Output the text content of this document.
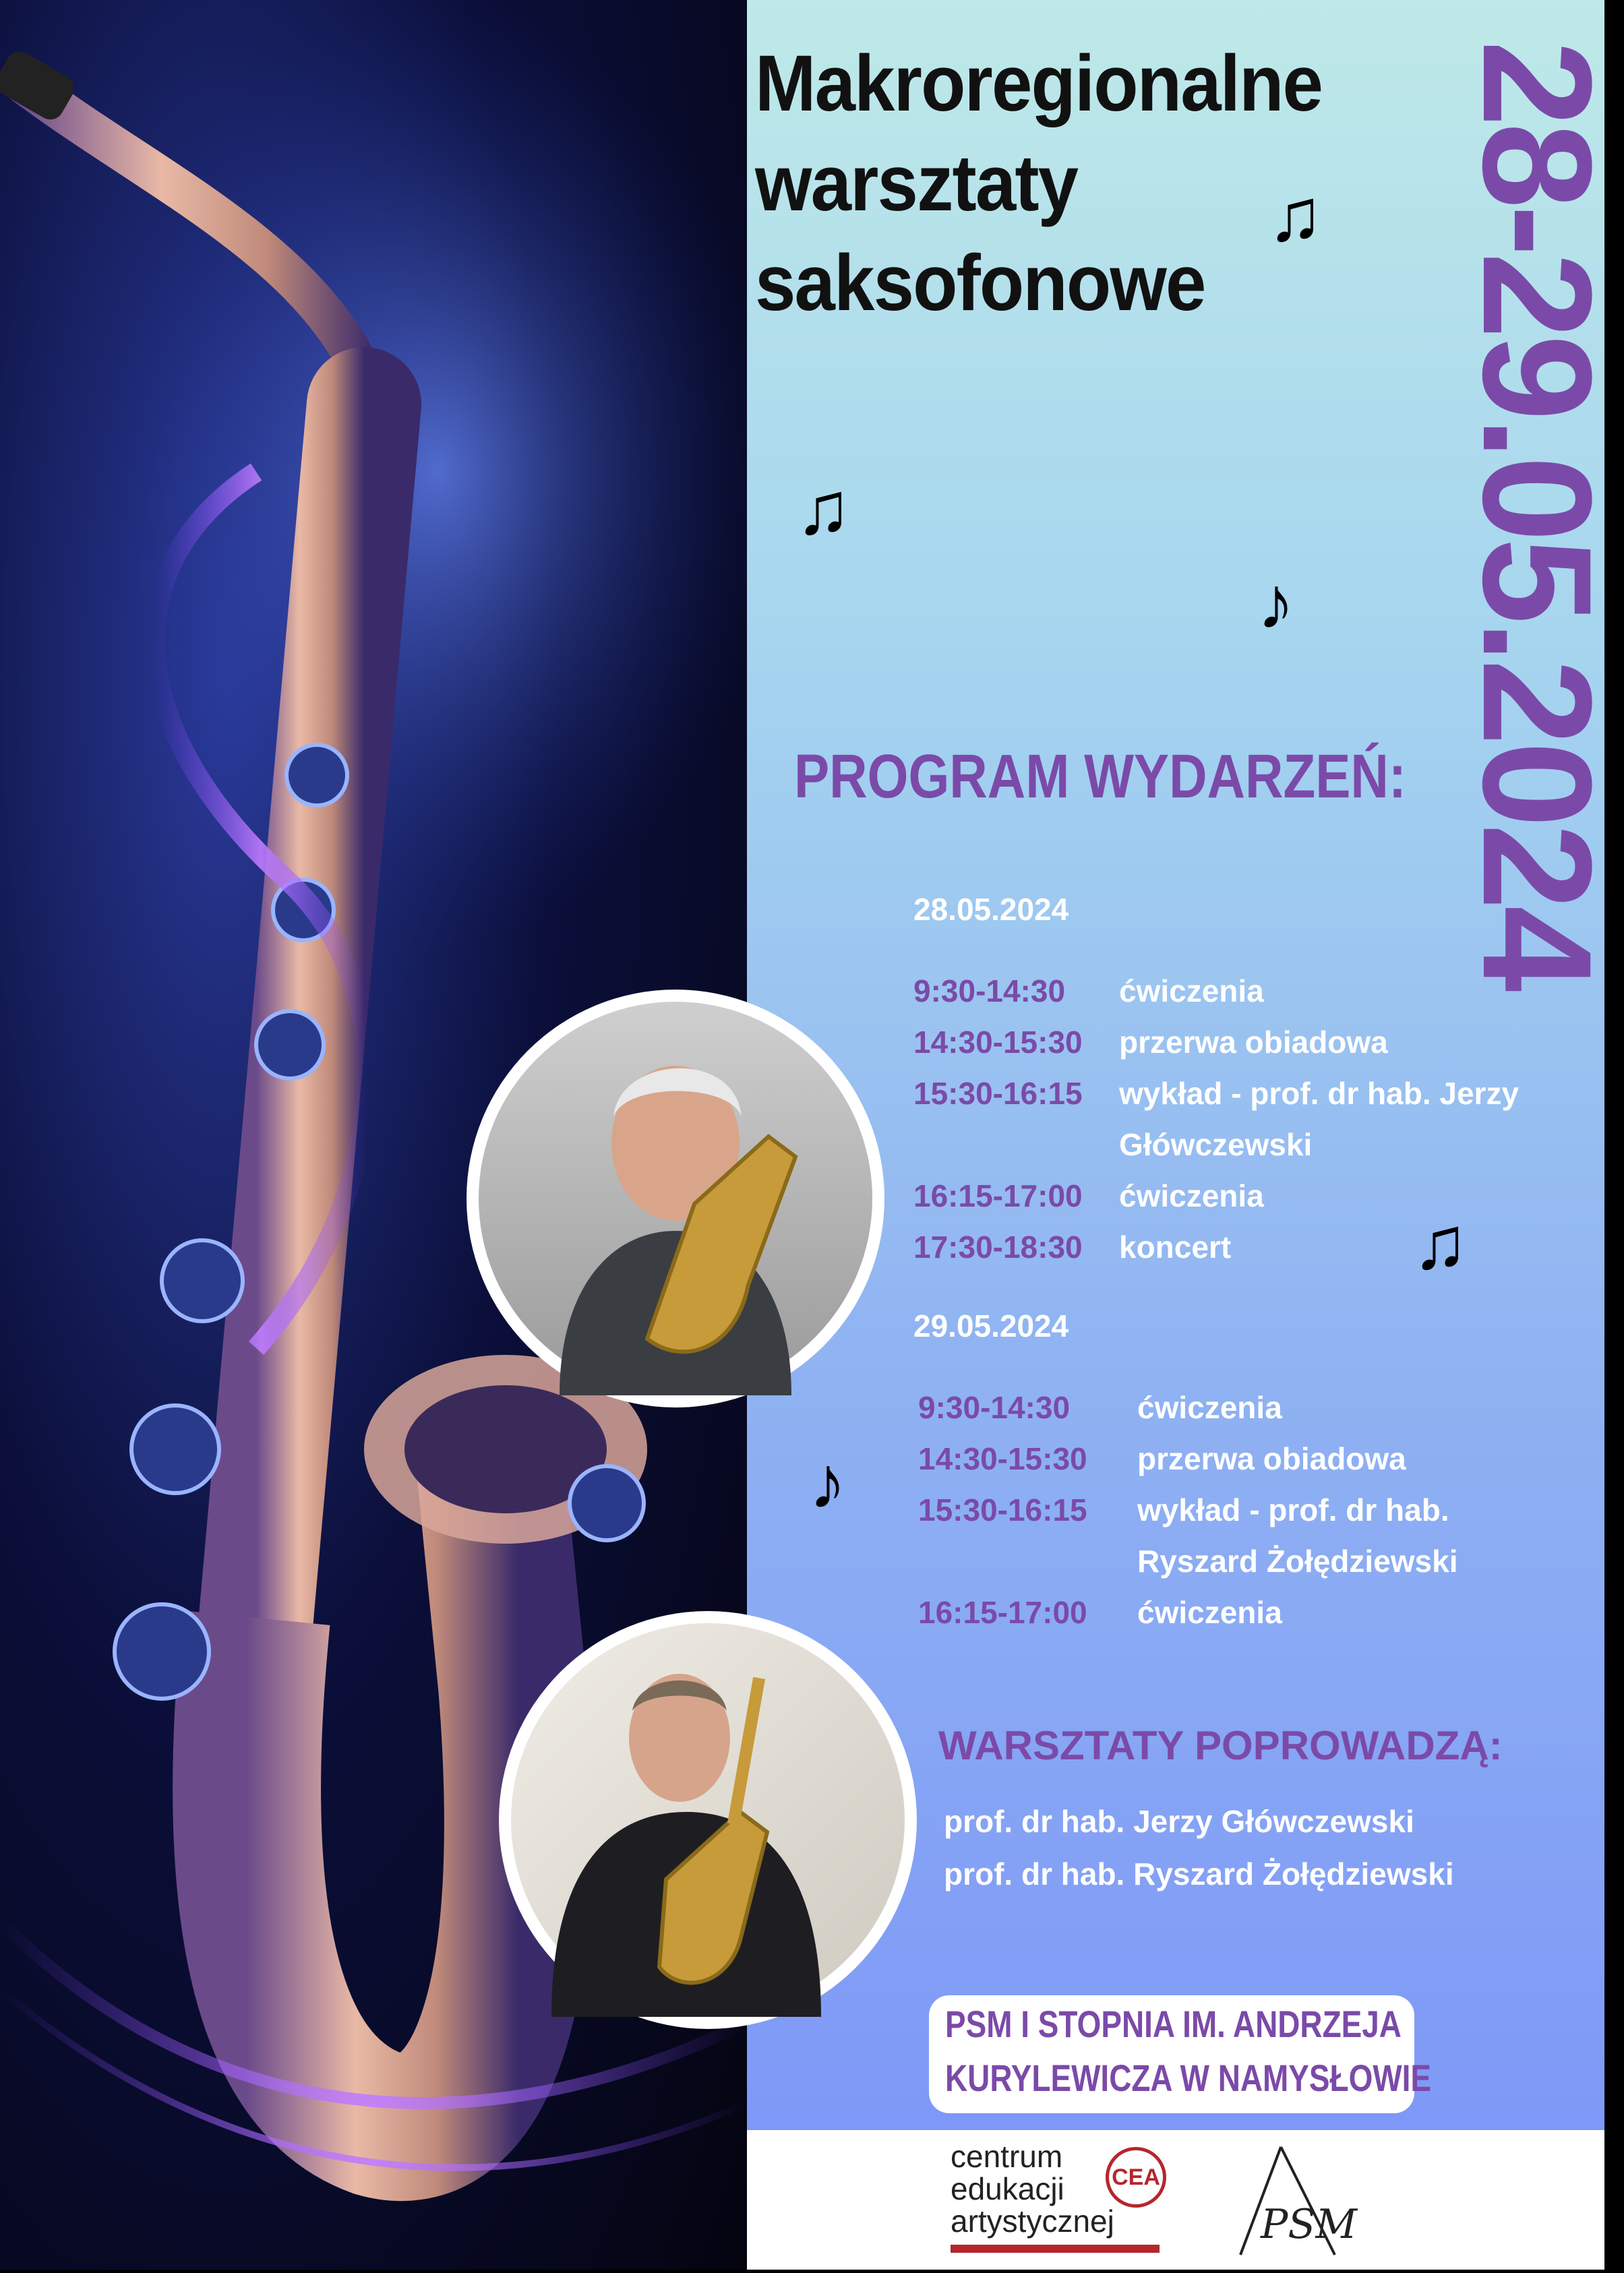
Makroregionalne
warsztaty
saksofonowe	28-29.05.2024
♫
♫
♪
♫
♪
PROGRAM WYDARZEŃ:
28.05.2024
9:30-14:30 ćwiczenia
14:30-15:30 przerwa obiadowa
15:30-16:15 wykład - prof. dr hab. Jerzy
Główczewski
16:15-17:00 ćwiczenia
17:30-18:30 koncert
29.05.2024
9:30-14:30 ćwiczenia
14:30-15:30 przerwa obiadowa
15:30-16:15 wykład - prof. dr hab.
Ryszard Żołędziewski
16:15-17:00 ćwiczenia
WARSZTATY POPROWADZĄ:
prof. dr hab. Jerzy Główczewski
prof. dr hab. Ryszard Żołędziewski
PSM I STOPNIA IM. ANDRZEJA
KURYLEWICZA W NAMYSŁOWIE
centrum
edukacji
artystycznej
CEA
PSM
